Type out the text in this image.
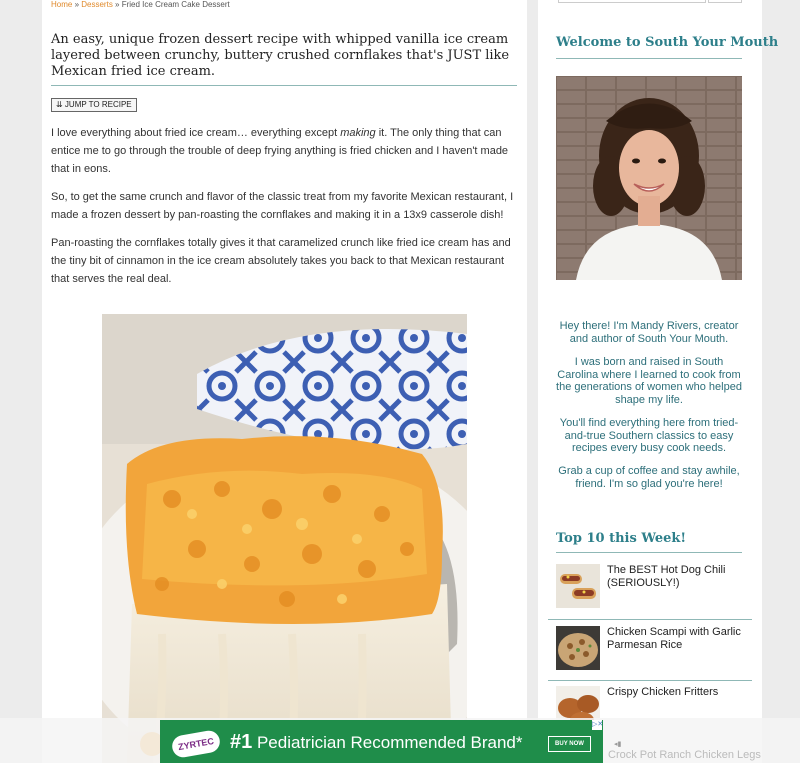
Home » Desserts » Fried Ice Cream Cake Dessert

An easy, unique frozen dessert recipe with whipped vanilla ice cream layered between crunchy, buttery crushed cornflakes that's JUST like Mexican fried ice cream.

⇊ JUMP TO RECIPE

I love everything about fried ice cream… everything except making it. The only thing that can entice me to go through the trouble of deep frying anything is fried chicken and I haven't made that in eons.

So, to get the same crunch and flavor of the classic treat from my favorite Mexican restaurant, I made a frozen dessert by pan-roasting the cornflakes and making it in a 13x9 casserole dish!

Pan-roasting the cornflakes totally gives it that caramelized crunch like fried ice cream has and the tiny bit of cinnamon in the ice cream absolutely takes you back to that Mexican restaurant that serves the real deal.

Welcome to South Your Mouth

Hey there! I'm Mandy Rivers, creator and author of South Your Mouth.

I was born and raised in South Carolina where I learned to cook from the generations of women who helped shape my life.

You'll find everything here from tried-and-true Southern classics to easy recipes every busy cook needs.

Grab a cup of coffee and stay awhile, friend. I'm so glad you're here!

Top 10 this Week!
The BEST Hot Dog Chili (SERIOUSLY!)
Chicken Scampi with Garlic Parmesan Rice
Crispy Chicken Fritters
Crock Pot Ranch Chicken Legs
ZYRTEC #1 Pediatrician Recommended Brand*	BUY NOW
▷✕
◂▮
